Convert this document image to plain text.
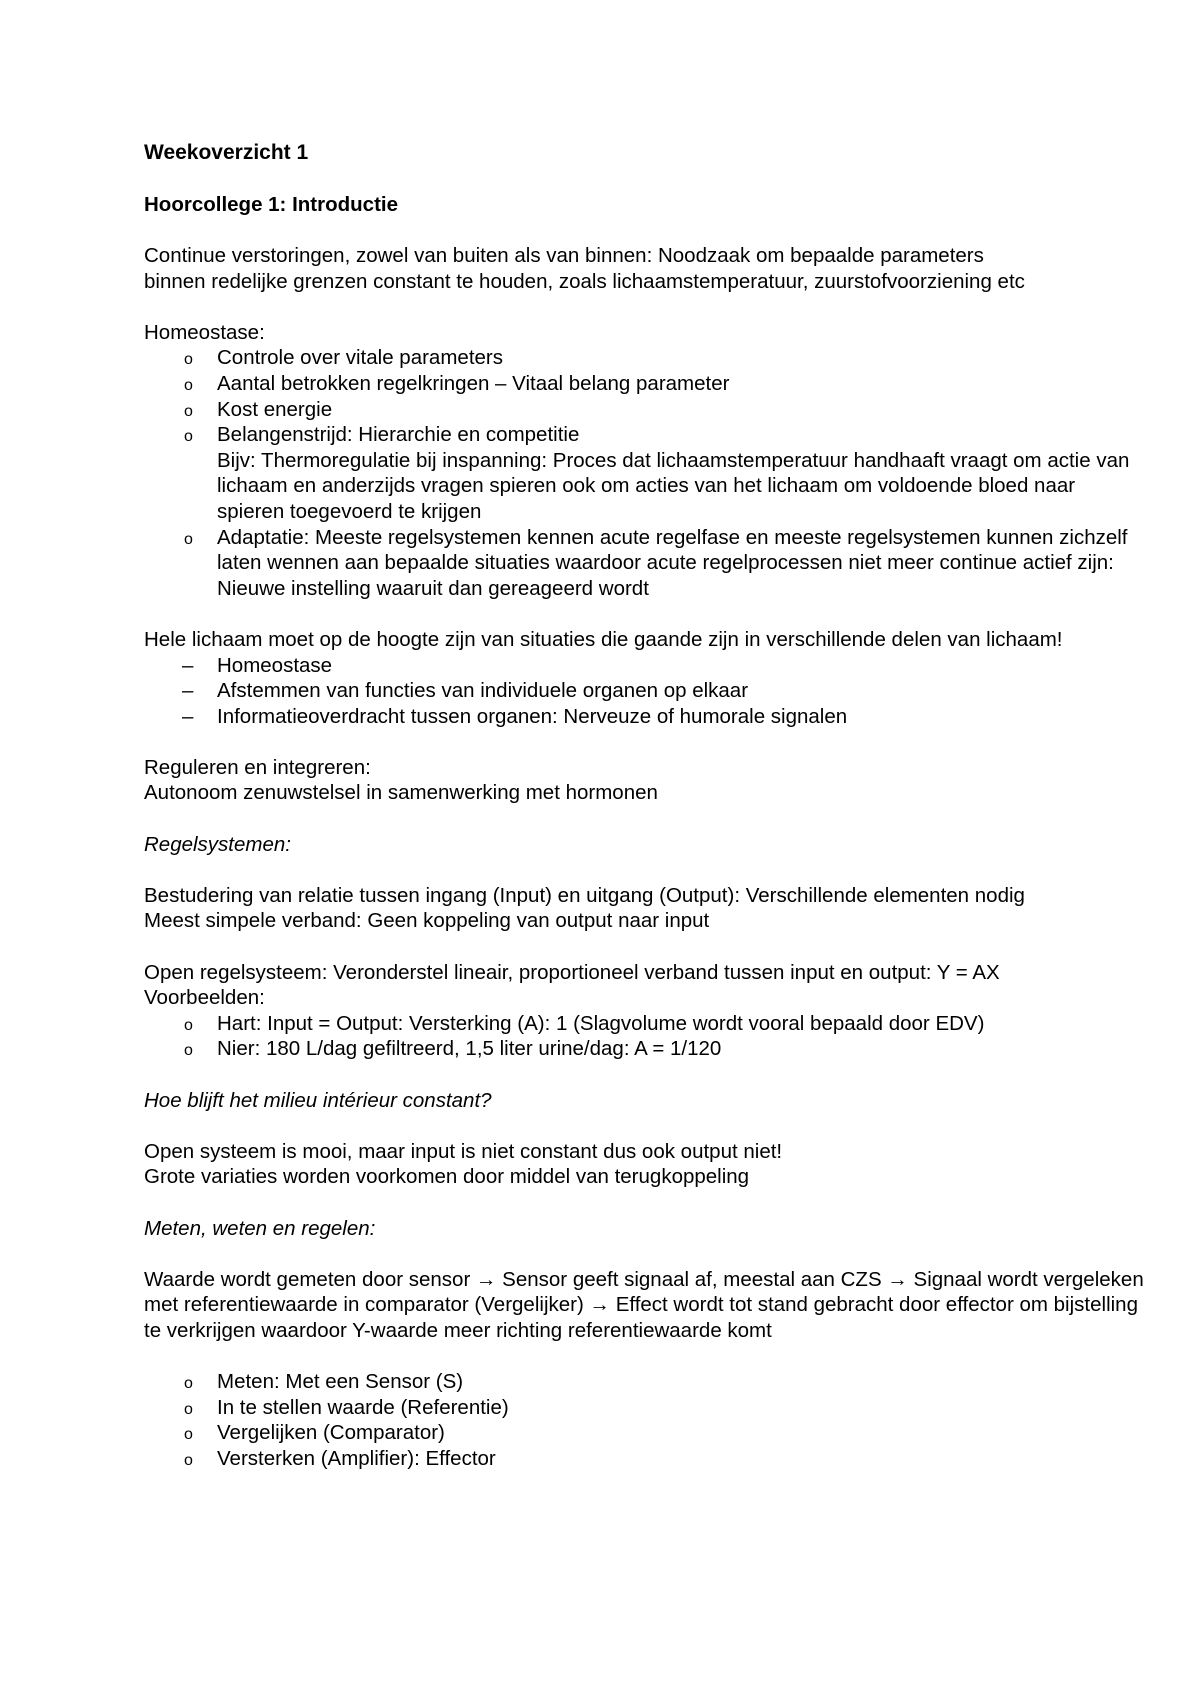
Weekoverzicht 1
Hoorcollege 1: Introductie

Continue verstoringen, zowel van buiten als van binnen: Noodzaak om bepaalde parameters
binnen redelijke grenzen constant te houden, zoals lichaamstemperatuur, zuurstofvoorziening etc

Homeostase:

o	Controle over vitale parameters
o	Aantal betrokken regelkringen – Vitaal belang parameter
o	Kost energie
o	Belangenstrijd: Hierarchie en competitie
Bijv: Thermoregulatie bij inspanning: Proces dat lichaamstemperatuur handhaaft vraagt om actie van lichaam en anderzijds vragen spieren ook om acties van het lichaam om voldoende bloed naar spieren toegevoerd te krijgen
o	Adaptatie: Meeste regelsystemen kennen acute regelfase en meeste regelsystemen kunnen zichzelf laten wennen aan bepaalde situaties waardoor acute regelprocessen niet meer continue actief zijn: Nieuwe instelling waaruit dan gereageerd wordt

Hele lichaam moet op de hoogte zijn van situaties die gaande zijn in verschillende delen van lichaam!

–	Homeostase
–	Afstemmen van functies van individuele organen op elkaar
–	Informatieoverdracht tussen organen: Nerveuze of humorale signalen

Reguleren en integreren:
Autonoom zenuwstelsel in samenwerking met hormonen

Regelsystemen:

Bestudering van relatie tussen ingang (Input) en uitgang (Output): Verschillende elementen nodig
Meest simpele verband: Geen koppeling van output naar input

Open regelsysteem: Veronderstel lineair, proportioneel verband tussen input en output: Y = AX
Voorbeelden:

o	Hart: Input = Output: Versterking (A): 1 (Slagvolume wordt vooral bepaald door EDV)
o	Nier: 180 L/dag gefiltreerd, 1,5 liter urine/dag: A = 1/120

Hoe blijft het milieu intérieur constant?

Open systeem is mooi, maar input is niet constant dus ook output niet!
Grote variaties worden voorkomen door middel van terugkoppeling

Meten, weten en regelen:

Waarde wordt gemeten door sensor → Sensor geeft signaal af, meestal aan CZS → Signaal wordt vergeleken met referentiewaarde in comparator (Vergelijker) → Effect wordt tot stand gebracht door effector om bijstelling te verkrijgen waardoor Y-waarde meer richting referentiewaarde komt

o	Meten: Met een Sensor (S)
o	In te stellen waarde (Referentie)
o	Vergelijken (Comparator)
o	Versterken (Amplifier): Effector
